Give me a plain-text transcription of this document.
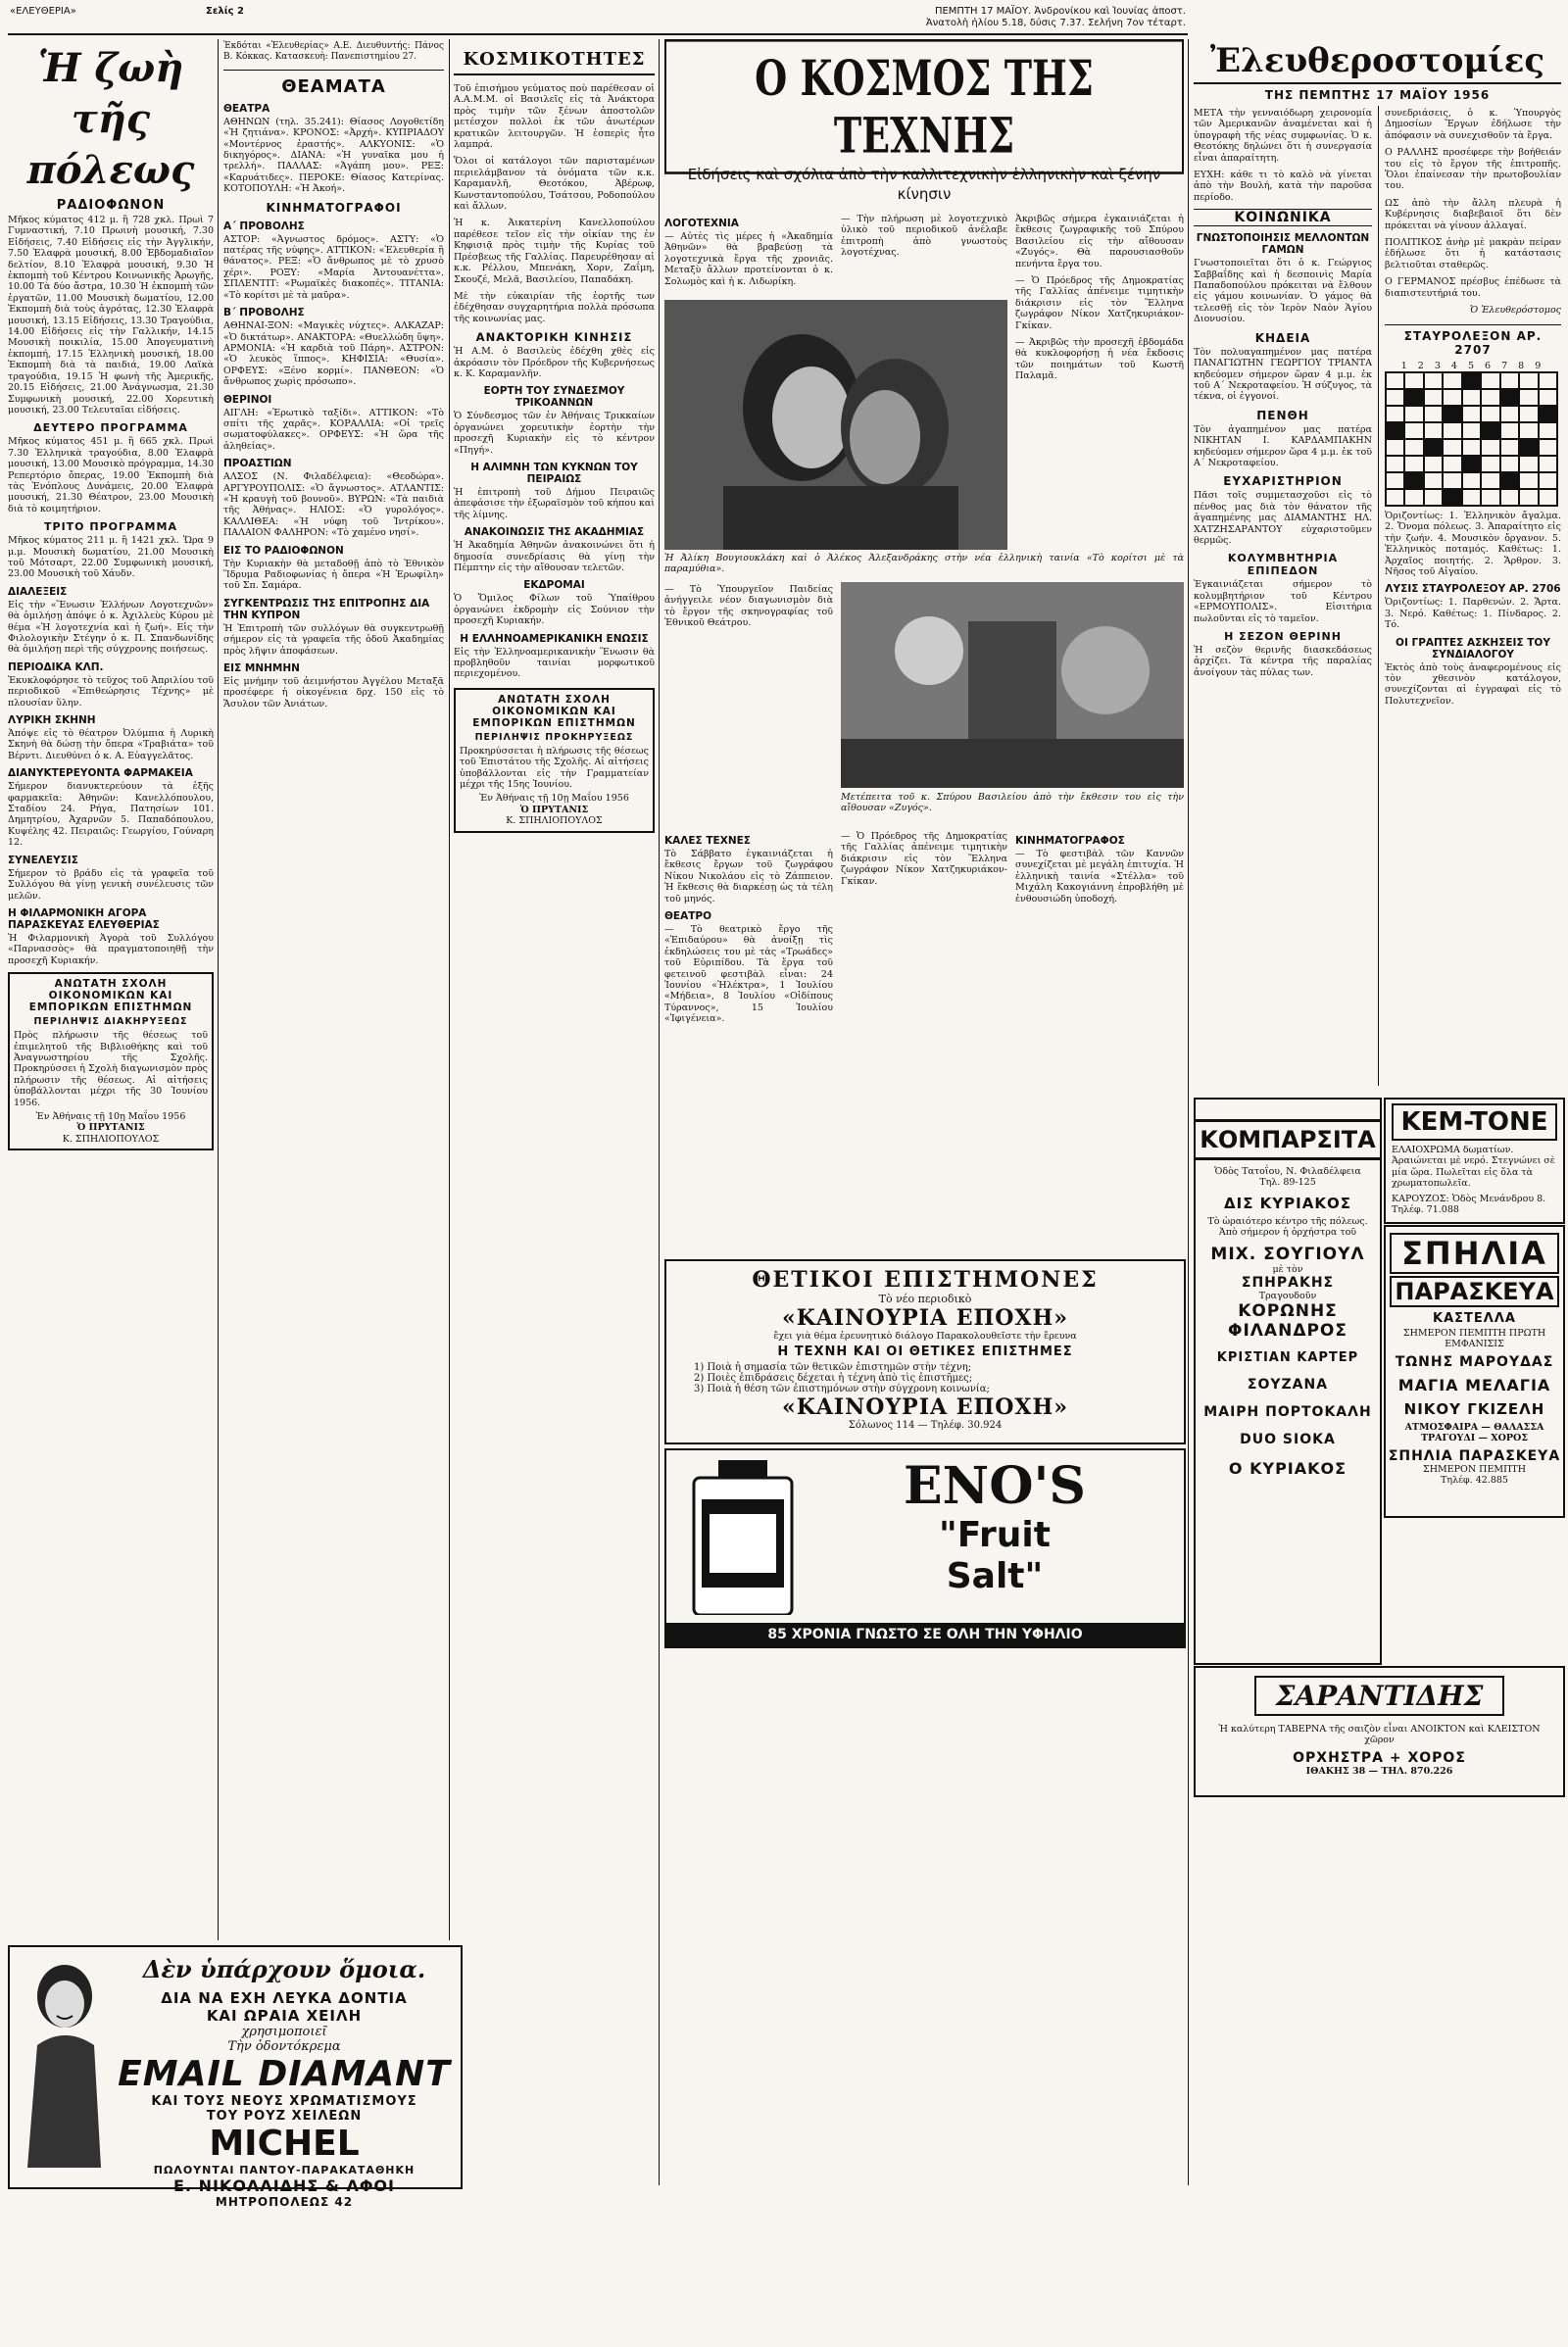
«ΕΛΕΥΘΕΡΙΑ»	Σελίς 2	ΠΕΜΠΤΗ 17 ΜΑΪΟΥ. Ἀνδρονίκου καὶ Ἰουνίας ἀποστ.
Ἀνατολὴ ἡλίου 5.18, δύσις 7.37. Σελήνη 7ον τέταρτ.
Ἡ ζωὴ τῆς πόλεως
ΡΑΔΙΟΦΩΝΟΝ
Μῆκος κύματος 412 μ. ἢ 728 χκλ. Πρωὶ 7 Γυμναστική, 7.10 Πρωινὴ μουσική, 7.30 Εἰδήσεις, 7.40 Εἰδήσεις εἰς τὴν Ἀγγλικήν, 7.50 Ἐλαφρὰ μουσική, 8.00 Ἐβδομαδιαῖον δελτίον, 8.10 Ἐλαφρὰ μουσική, 9.30 Ἡ ἐκπομπὴ τοῦ Κέντρου Κοινωνικῆς Ἀρωγῆς, 10.00 Τὰ δύο ἄστρα, 10.30 Ἡ ἐκπομπὴ τῶν ἐργατῶν, 11.00 Μουσικὴ δωματίου, 12.00 Ἐκπομπὴ διὰ τοὺς ἀγρότας, 12.30 Ἐλαφρὰ μουσική, 13.15 Εἰδήσεις, 13.30 Τραγούδια, 14.00 Εἰδήσεις εἰς τὴν Γαλλικήν, 14.15 Μουσικὴ ποικιλία, 15.00 Ἀπογευματινὴ ἐκπομπή, 17.15 Ἑλληνικὴ μουσική, 18.00 Ἐκπομπὴ διὰ τὰ παιδιά, 19.00 Λαϊκὰ τραγούδια, 19.15 Ἡ φωνὴ τῆς Ἀμερικῆς, 20.15 Εἰδήσεις, 21.00 Ἀνάγνωσμα, 21.30 Συμφωνικὴ μουσική, 22.00 Χορευτικὴ μουσική, 23.00 Τελευταῖαι εἰδήσεις.
ΔΕΥΤΕΡΟ ΠΡΟΓΡΑΜΜΑ
Μῆκος κύματος 451 μ. ἢ 665 χκλ. Πρωὶ 7.30 Ἑλληνικὰ τραγούδια, 8.00 Ἐλαφρὰ μουσική, 13.00 Μουσικὸ πρόγραμμα, 14.30 Ρεπερτόριο ὄπερας, 19.00 Ἐκπομπὴ διὰ τὰς Ἐνόπλους Δυνάμεις, 20.00 Ἐλαφρὰ μουσική, 21.30 Θέατρον, 23.00 Μουσικὴ διὰ τὸ κοιμητήριον.
ΤΡΙΤΟ ΠΡΟΓΡΑΜΜΑ
Μῆκος κύματος 211 μ. ἢ 1421 χκλ. Ὥρα 9 μ.μ. Μουσικὴ δωματίου, 21.00 Μουσικὴ τοῦ Μότσαρτ, 22.00 Συμφωνικὴ μουσική, 23.00 Μουσικὴ τοῦ Χάυδν.
ΔΙΑΛΕΞΕΙΣ
Εἰς τὴν «Ἕνωσιν Ἑλλήνων Λογοτεχνῶν» θὰ ὁμιλήσῃ ἀπόψε ὁ κ. Ἀχιλλεὺς Κύρου μὲ θέμα «Ἡ λογοτεχνία καὶ ἡ ζωή». Εἰς τὴν Φιλολογικὴν Στέγην ὁ κ. Π. Σπανδωνίδης θὰ ὁμιλήσῃ περὶ τῆς σύγχρονης ποιήσεως.
ΠΕΡΙΟΔΙΚΑ ΚΛΠ.
Ἐκυκλοφόρησε τὸ τεῦχος τοῦ Ἀπριλίου τοῦ περιοδικοῦ «Ἐπιθεώρησις Τέχνης» μὲ πλουσίαν ὕλην.
ΛΥΡΙΚΗ ΣΚΗΝΗ
Ἀπόψε εἰς τὸ θέατρον Ὀλύμπια ἡ Λυρικὴ Σκηνὴ θὰ δώσῃ τὴν ὄπερα «Τραβιάτα» τοῦ Βέρντι. Διευθύνει ὁ κ. Α. Εὐαγγελᾶτος.
ΔΙΑΝΥΚΤΕΡΕΥΟΝΤΑ ΦΑΡΜΑΚΕΙΑ
Σήμερον διανυκτερεύουν τὰ ἑξῆς φαρμακεῖα: Ἀθηνῶν: Κανελλόπουλου, Σταδίου 24. Ρήγα, Πατησίων 101. Δημητρίου, Ἀχαρνῶν 5. Παπαδόπουλου, Κυψέλης 42. Πειραιῶς: Γεωργίου, Γούναρη 12.
ΣΥΝΕΛΕΥΣΙΣ
Σήμερον τὸ βράδυ εἰς τὰ γραφεῖα τοῦ Συλλόγου θὰ γίνῃ γενικὴ συνέλευσις τῶν μελῶν.
Η ΦΙΛΑΡΜΟΝΙΚΗ ΑΓΟΡΑ ΠΑΡΑΣΚΕΥΑΣ ΕΛΕΥΘΕΡΙΑΣ
Ἡ Φιλαρμονικὴ Ἀγορὰ τοῦ Συλλόγου «Παρνασσὸς» θὰ πραγματοποιηθῇ τὴν προσεχῆ Κυριακήν.
ΑΝΩΤΑΤΗ ΣΧΟΛΗ ΟΙΚΟΝΟΜΙΚΩΝ ΚΑΙ ΕΜΠΟΡΙΚΩΝ ΕΠΙΣΤΗΜΩΝ
ΠΕΡΙΛΗΨΙΣ ΔΙΑΚΗΡΥΞΕΩΣ
Πρὸς πλήρωσιν τῆς θέσεως τοῦ ἐπιμελητοῦ τῆς Βιβλιοθήκης καὶ τοῦ Ἀναγνωστηρίου τῆς Σχολῆς. Προκηρύσσει ἡ Σχολὴ διαγωνισμὸν πρὸς πλήρωσιν τῆς θέσεως. Αἱ αἰτήσεις ὑποβάλλονται μέχρι τῆς 30 Ἰουνίου 1956.
Ἐν Ἀθήναις τῇ 10ῃ Μαΐου 1956
Ὁ ΠΡΥΤΑΝΙΣ
Κ. ΣΠΗΛΙΟΠΟΥΛΟΣ
Δὲν ὑπάρχουν ὅμοια.
ΔΙΑ ΝΑ ΕΧΗ ΛΕΥΚΑ ΔΟΝΤΙΑ
ΚΑΙ ΩΡΑΙΑ ΧΕΙΛΗ
χρησιμοποιεῖ
Τὴν ὀδοντόκρεμα
EMAIL DIAMANT
ΚΑΙ ΤΟΥΣ ΝΕΟΥΣ ΧΡΩΜΑΤΙΣΜΟΥΣ
ΤΟΥ ΡΟΥΖ ΧΕΙΛΕΩΝ
MICHEL
ΠΩΛΟΥΝΤΑΙ ΠΑΝΤΟΥ-ΠΑΡΑΚΑΤΑΘΗΚΗ
Ε. ΝΙΚΟΛΑΙΔΗΣ & ΑΦΟΙ
ΜΗΤΡΟΠΟΛΕΩΣ 42
Ἐκδόται «Ἐλευθερίας» Α.Ε. Διευθυντής: Πάνος Β. Κόκκας. Κατασκευὴ: Πανεπιστημίου 27.
ΘΕΑΜΑΤΑ
ΘΕΑΤΡΑ
ΑΘΗΝΩΝ (τηλ. 35.241): Θίασος Λογοθετίδη «Ἡ ζητιάνα». ΚΡΟΝΟΣ: «Ἀρχή». ΚΥΠΡΙΑΔΟΥ «Μοντέρνος ἐραστής». ΑΛΚΥΟΝΙΣ: «Ὁ δικηγόρος». ΔΙΑΝΑ: «Ἡ γυναῖκα μου ἡ τρελλή». ΠΑΛΛΑΣ: «Ἀγάπη μου». ΡΕΞ: «Καρυάτιδες». ΠΕΡΟΚΕ: Θίασος Κατερίνας. ΚΟΤΟΠΟΥΛΗ: «Ἡ Ἀκοή».
ΚΙΝΗΜΑΤΟΓΡΑΦΟΙ
Α΄ ΠΡΟΒΟΛΗΣ
ΑΣΤΟΡ: «Ἀγνωστος δρόμος». ΑΣΤΥ: «Ὁ πατέρας τῆς νύφης». ΑΤΤΙΚΟΝ: «Ἐλευθερία ἢ θάνατος». ΡΕΞ: «Ὁ ἄνθρωπος μὲ τὸ χρυσὸ χέρι». ΡΟΞΥ: «Μαρία Ἀντουανέττα». ΣΠΛΕΝΤΙΤ: «Ρωμαϊκὲς διακοπές». ΤΙΤΑΝΙΑ: «Τὸ κορίτσι μὲ τὰ μαῦρα».
Β΄ ΠΡΟΒΟΛΗΣ
ΑΘΗΝΑΙ-ΞΟΝ: «Μαγικὲς νύχτες». ΑΛΚΑΖΑΡ: «Ὁ δικτάτωρ». ΑΝΑΚΤΟΡΑ: «Θυελλώδη ὕψη». ΑΡΜΟΝΙΑ: «Ἡ καρδιὰ τοῦ Πάρη». ΑΣΤΡΟΝ: «Ὁ λευκὸς ἵππος». ΚΗΦΙΣΙΑ: «Θυσία». ΟΡΦΕΥΣ: «Ξένο κορμί». ΠΑΝΘΕΟΝ: «Ὁ ἄνθρωπος χωρὶς πρόσωπο».
ΘΕΡΙΝΟΙ
ΑΙΓΛΗ: «Ἐρωτικὸ ταξίδι». ΑΤΤΙΚΟΝ: «Τὸ σπίτι τῆς χαρᾶς». ΚΟΡΑΛΛΙΑ: «Οἱ τρεῖς σωματοφύλακες». ΟΡΦΕΥΣ: «Ἡ ὥρα τῆς ἀληθείας».
ΠΡΟΑΣΤΙΩΝ
ΑΛΣΟΣ (Ν. Φιλαδέλφεια): «Θεοδώρα». ΑΡΓΥΡΟΥΠΟΛΙΣ: «Ὁ ἄγνωστος». ΑΤΛΑΝΤΙΣ: «Ἡ κραυγὴ τοῦ βουνοῦ». ΒΥΡΩΝ: «Τὰ παιδιὰ τῆς Ἀθήνας». ΗΛΙΟΣ: «Ὁ γυρολόγος». ΚΑΛΛΙΘΕΑ: «Ἡ νύφη τοῦ Ἰντρίκου». ΠΑΛΑΙΟΝ ΦΑΛΗΡΟΝ: «Τὸ χαμένο νησί».
ΕΙΣ ΤΟ ΡΑΔΙΟΦΩΝΟΝ
Τὴν Κυριακὴν θὰ μεταδοθῇ ἀπὸ τὸ Ἐθνικὸν Ἵδρυμα Ραδιοφωνίας ἡ ὄπερα «Ἡ Ἐρωφίλη» τοῦ Σπ. Σαμάρα.
ΣΥΓΚΕΝΤΡΩΣΙΣ ΤΗΣ ΕΠΙΤΡΟΠΗΣ ΔΙΑ ΤΗΝ ΚΥΠΡΟΝ
Ἡ Ἐπιτροπὴ τῶν συλλόγων θὰ συγκεντρωθῇ σήμερον εἰς τὰ γραφεῖα τῆς ὁδοῦ Ἀκαδημίας πρὸς λῆψιν ἀποφάσεων.
ΕΙΣ ΜΝΗΜΗΝ
Εἰς μνήμην τοῦ ἀειμνήστου Ἀγγέλου Μεταξᾶ προσέφερε ἡ οἰκογένεια δρχ. 150 εἰς τὸ Ἄσυλον τῶν Ἀνιάτων.
ΚΟΣΜΙΚΟΤΗΤΕΣ
Τοῦ ἐπισήμου γεύματος ποὺ παρέθεσαν οἱ Α.Α.Μ.Μ. οἱ Βασιλεῖς εἰς τὰ Ἀνάκτορα πρὸς τιμὴν τῶν ξένων ἀποστολῶν μετέσχον πολλοὶ ἐκ τῶν ἀνωτέρων κρατικῶν λειτουργῶν. Ἡ ἑσπερὶς ἦτο λαμπρά.
Ὅλοι οἱ κατάλογοι τῶν παρισταμένων περιελάμβανον τὰ ὀνόματα τῶν κ.κ. Καραμανλῆ, Θεοτόκου, Ἀβέρωφ, Κωνσταντοπούλου, Τσάτσου, Ροδοπούλου καὶ ἄλλων.
Ἡ κ. Ἀικατερίνη Κανελλοπούλου παρέθεσε τεῖον εἰς τὴν οἰκίαν της ἐν Κηφισιᾷ πρὸς τιμὴν τῆς Κυρίας τοῦ Πρέσβεως τῆς Γαλλίας. Παρευρέθησαν αἱ κ.κ. Ρέλλου, Μπενάκη, Χορν, Ζαΐμη, Σκουζέ, Μελᾶ, Βασιλείου, Παπαδάκη.
Μὲ τὴν εὐκαιρίαν τῆς ἑορτῆς των ἐδέχθησαν συγχαρητήρια πολλὰ πρόσωπα τῆς κοινωνίας μας.
ΑΝΑΚΤΟΡΙΚΗ ΚΙΝΗΣΙΣ
Ἡ Α.Μ. ὁ Βασιλεὺς ἐδέχθη χθὲς εἰς ἀκρόασιν τὸν Πρόεδρον τῆς Κυβερνήσεως κ. Κ. Καραμανλῆν.
ΕΟΡΤΗ ΤΟΥ ΣΥΝΔΕΣΜΟΥ ΤΡΙΚΟΑΝΝΩΝ
Ὁ Σύνδεσμος τῶν ἐν Ἀθήναις Τρικκαίων ὀργανώνει χορευτικὴν ἑορτὴν τὴν προσεχῆ Κυριακὴν εἰς τὸ κέντρον «Πηγή».
Η ΑΛΙΜΝΗ ΤΩΝ ΚΥΚΝΩΝ ΤΟΥ ΠΕΙΡΑΙΩΣ
Ἡ ἐπιτροπὴ τοῦ Δήμου Πειραιῶς ἀπεφάσισε τὴν ἐξωραϊσμὸν τοῦ κήπου καὶ τῆς λίμνης.
ΑΝΑΚΟΙΝΩΣΙΣ ΤΗΣ ΑΚΑΔΗΜΙΑΣ
Ἡ Ἀκαδημία Ἀθηνῶν ἀνακοινώνει ὅτι ἡ δημοσία συνεδρίασις θὰ γίνῃ τὴν Πέμπτην εἰς τὴν αἴθουσαν τελετῶν.
ΕΚΔΡΟΜΑΙ
Ὁ Ὅμιλος Φίλων τοῦ Ὑπαίθρου ὀργανώνει ἐκδρομὴν εἰς Σούνιον τὴν προσεχῆ Κυριακήν.
Η ΕΛΛΗΝΟΑΜΕΡΙΚΑΝΙΚΗ ΕΝΩΣΙΣ
Εἰς τὴν Ἑλληνοαμερικανικὴν Ἕνωσιν θὰ προβληθοῦν ταινίαι μορφωτικοῦ περιεχομένου.
ΑΝΩΤΑΤΗ ΣΧΟΛΗ ΟΙΚΟΝΟΜΙΚΩΝ ΚΑΙ ΕΜΠΟΡΙΚΩΝ ΕΠΙΣΤΗΜΩΝ
ΠΕΡΙΛΗΨΙΣ ΠΡΟΚΗΡΥΞΕΩΣ
Προκηρύσσεται ἡ πλήρωσις τῆς θέσεως τοῦ Ἐπιστάτου τῆς Σχολῆς. Αἱ αἰτήσεις ὑποβάλλονται εἰς τὴν Γραμματείαν μέχρι τῆς 15ης Ἰουνίου.
Ἐν Ἀθήναις τῇ 10ῃ Μαΐου 1956
Ὁ ΠΡΥΤΑΝΙΣ
Κ. ΣΠΗΛΙΟΠΟΥΛΟΣ
Ο ΚΟΣΜΟΣ ΤΗΣ ΤΕΧΝΗΣ
Εἰδήσεις καὶ σχόλια ἀπὸ τὴν καλλιτεχνικὴν ἑλληνικὴν καὶ ξένην κίνησιν
ΛΟΓΟΤΕΧΝΙΑ
— Αὐτὲς τὶς μέρες ἡ «Ἀκαδημία Ἀθηνῶν» θὰ βραβεύσῃ τὰ λογοτεχνικὰ ἔργα τῆς χρονιᾶς. Μεταξὺ ἄλλων προτείνονται ὁ κ. Σολωμὸς καὶ ἡ κ. Λιδωρίκη.
— Τὴν πλήρωση μὲ λογοτεχνικὸ ὑλικὸ τοῦ περιοδικοῦ ἀνέλαβε ἐπιτροπὴ ἀπὸ γνωστοὺς λογοτέχνας.
Ἀκριβῶς σήμερα ἐγκαινιάζεται ἡ ἔκθεσις ζωγραφικῆς τοῦ Σπύρου Βασιλείου εἰς τὴν αἴθουσαν «Ζυγός». Θὰ παρουσιασθοῦν πενήντα ἔργα του.
— Ὁ Πρόεδρος τῆς Δημοκρατίας τῆς Γαλλίας ἀπένειμε τιμητικὴν διάκρισιν εἰς τὸν Ἕλληνα ζωγράφον Νίκον Χατζηκυριάκον-Γκίκαν.
— Ἀκριβῶς τὴν προσεχῆ ἑβδομάδα θὰ κυκλοφορήσῃ ἡ νέα ἔκδοσις τῶν ποιημάτων τοῦ Κωστῆ Παλαμᾶ.
Ἡ Ἀλίκη Βουγιουκλάκη καὶ ὁ Ἀλέκος Ἀλεξανδράκης στὴν νέα ἑλληνικὴ ταινία «Τὸ κορίτσι μὲ τὰ παραμύθια».
— Τὸ Ὑπουργεῖον Παιδείας ἀνήγγειλε νέον διαγωνισμὸν διὰ τὸ ἔργον τῆς σκηνογραφίας τοῦ Ἐθνικοῦ Θεάτρου.
Μετέπειτα τοῦ κ. Σπύρου Βασιλείου ἀπὸ τὴν ἔκθεσιν του εἰς τὴν αἴθουσαν «Ζυγός».
ΚΑΛΕΣ ΤΕΧΝΕΣ
Τὸ Σάββατο ἐγκαινιάζεται ἡ ἔκθεσις ἔργων τοῦ ζωγράφου Νίκου Νικολάου εἰς τὸ Ζάππειον. Ἡ ἔκθεσις θὰ διαρκέσῃ ὡς τὰ τέλη τοῦ μηνός.
ΘΕΑΤΡΟ
— Τὸ θεατρικὸ ἔργο τῆς «Ἐπιδαύρου» θὰ ἀνοίξῃ τὶς ἐκδηλώσεις του μὲ τὰς «Τρωάδες» τοῦ Εὐριπίδου. Τὰ ἔργα τοῦ φετεινοῦ φεστιβὰλ εἶναι: 24 Ἰουνίου «Ἠλέκτρα», 1 Ἰουλίου «Μήδεια», 8 Ἰουλίου «Οἰδίπους Τύραννος», 15 Ἰουλίου «Ἰφιγένεια».
— Ὁ Πρόεδρος τῆς Δημοκρατίας τῆς Γαλλίας ἀπένειμε τιμητικὴν διάκρισιν εἰς τὸν Ἕλληνα ζωγράφον Νίκον Χατζηκυριάκον-Γκίκαν.
ΚΙΝΗΜΑΤΟΓΡΑΦΟΣ
— Τὸ φεστιβὰλ τῶν Καννῶν συνεχίζεται μὲ μεγάλη ἐπιτυχία. Ἡ ἑλληνικὴ ταινία «Στέλλα» τοῦ Μιχάλη Κακογιάννη ἐπροβλήθη μὲ ἐνθουσιώδη ὑποδοχή.
ΘΕΤΙΚΟΙ ΕΠΙΣΤΗΜΟΝΕΣ
Τὸ νέο περιοδικὸ
«ΚΑΙΝΟΥΡΙΑ ΕΠΟΧΗ»
ἔχει γιὰ θέμα ἐρευνητικὸ διάλογο Παρακολουθεῖστε τὴν ἔρευνα
Η ΤΕΧΝΗ ΚΑΙ ΟΙ ΘΕΤΙΚΕΣ ΕΠΙΣΤΗΜΕΣ
1) Ποιὰ ἡ σημασία τῶν θετικῶν ἐπιστημῶν στὴν τέχνη;
2) Ποιὲς ἐπιδράσεις δέχεται ἡ τέχνη ἀπὸ τὶς ἐπιστῆμες;
3) Ποιὰ ἡ θέση τῶν ἐπιστημόνων στὴν σύγχρονη κοινωνία;
«ΚΑΙΝΟΥΡΙΑ ΕΠΟΧΗ»
Σόλωνος 114 — Τηλέφ. 30.924
ENO'S
"Fruit
Salt"
85 ΧΡΟΝΙΑ ΓΝΩΣΤΟ ΣΕ ΟΛΗ ΤΗΝ ΥΦΗΛΙΟ
Ἐλευθεροστομίες
ΤΗΣ ΠΕΜΠΤΗΣ 17 ΜΑΪΟΥ 1956
ΜΕΤΑ τὴν γενναιόδωρη χειρονομία τῶν Ἀμερικανῶν ἀναμένεται καὶ ἡ ὑπογραφὴ τῆς νέας συμφωνίας. Ὁ κ. Θεοτόκης δηλώνει ὅτι ἡ συνεργασία εἶναι ἀπαραίτητη.
ΕΥΧΗ: κάθε τι τὸ καλὸ νὰ γίνεται ἀπὸ τὴν Βουλή, κατὰ τὴν παροῦσα περίοδο.
ΚΟΙΝΩΝΙΚΑ
ΓΝΩΣΤΟΠΟΙΗΣΙΣ ΜΕΛΛΟΝΤΩΝ ΓΑΜΩΝ
Γνωστοποιεῖται ὅτι ὁ κ. Γεώργιος Σαββαΐδης καὶ ἡ δεσποινὶς Μαρία Παπαδοπούλου πρόκειται νὰ ἔλθουν εἰς γάμου κοινωνίαν. Ὁ γάμος θὰ τελεσθῇ εἰς τὸν Ἱερὸν Ναὸν Ἁγίου Διονυσίου.
ΚΗΔΕΙΑ
Τὸν πολυαγαπημένον μας πατέρα ΠΑΝΑΓΙΩΤΗΝ ΓΕΩΡΓΙΟΥ ΤΡΙΑΝΤΑ κηδεύομεν σήμερον ὥραν 4 μ.μ. ἐκ τοῦ Α΄ Νεκροταφείου. Ἡ σύζυγος, τὰ τέκνα, οἱ ἐγγονοί.
ΠΕΝΘΗ
Τὸν ἀγαπημένον μας πατέρα ΝΙΚΗΤΑΝ Ι. ΚΑΡΔΑΜΠΑΚΗΝ κηδεύομεν σήμερον ὥρα 4 μ.μ. ἐκ τοῦ Α΄ Νεκροταφείου.
ΕΥΧΑΡΙΣΤΗΡΙΟΝ
Πᾶσι τοῖς συμμετασχοῦσι εἰς τὸ πένθος μας διὰ τὸν θάνατον τῆς ἀγαπημένης μας ΔΙΑΜΑΝΤΗΣ ΗΛ. ΧΑΤΖΗΣΑΡΑΝΤΟΥ εὐχαριστοῦμεν θερμῶς.
ΚΟΛΥΜΒΗΤΗΡΙΑ ΕΠΙΠΕΔΟΝ
Ἐγκαινιάζεται σήμερον τὸ κολυμβητήριον τοῦ Κέντρου «ΕΡΜΟΥΠΟΛΙΣ». Εἰσιτήρια πωλοῦνται εἰς τὸ ταμεῖον.
Η ΣΕΖΟΝ ΘΕΡΙΝΗ
Ἡ σεζὸν θερινῆς διασκεδάσεως ἀρχίζει. Τὰ κέντρα τῆς παραλίας ἀνοίγουν τὰς πύλας των.
συνεδριάσεις, ὁ κ. Ὑπουργὸς Δημοσίων Ἔργων ἐδήλωσε τὴν ἀπόφασιν νὰ συνεχισθοῦν τὰ ἔργα.
Ο ΡΑΛΛΗΣ προσέφερε τὴν βοήθειάν του εἰς τὸ ἔργον τῆς ἐπιτροπῆς. Ὅλοι ἐπαίνεσαν τὴν πρωτοβουλίαν του.
ΩΣ ἀπὸ τὴν ἄλλη πλευρὰ ἡ Κυβέρνησις διαβεβαιοῖ ὅτι δὲν πρόκειται νὰ γίνουν ἀλλαγαί.
ΠΟΛΙΤΙΚΟΣ ἀνὴρ μὲ μακρὰν πείραν ἐδήλωσε ὅτι ἡ κατάστασις βελτιοῦται σταθερῶς.
Ο ΓΕΡΜΑΝΟΣ πρέσβυς ἐπέδωσε τὰ διαπιστευτήριά του.
Ὁ Ἐλευθερόστομος
ΣΤΑΥΡΟΛΕΞΟΝ ΑΡ. 2707
1 2 3 4 5 6 7 8 9
Ὁριζοντίως: 1. Ἑλληνικὸν ἄγαλμα. 2. Ὄνομα πόλεως. 3. Ἀπαραίτητο εἰς τὴν ζωήν. 4. Μουσικὸν ὄργανον. 5. Ἑλληνικὸς ποταμός. Καθέτως: 1. Ἀρχαῖος ποιητής. 2. Ἄρθρον. 3. Νῆσος τοῦ Αἰγαίου.
ΛΥΣΙΣ ΣΤΑΥΡΟΛΕΞΟΥ ΑΡ. 2706
Ὁριζοντίως: 1. Παρθενών. 2. Ἄρτα. 3. Νερό. Καθέτως: 1. Πίνδαρος. 2. Τό.
ΟΙ ΓΡΑΠΤΕΣ ΑΣΚΗΣΕΙΣ ΤΟΥ ΣΥΝΔΙΑΛΟΓΟΥ
Ἐκτὸς ἀπὸ τοὺς ἀναφερομένους εἰς τὸν χθεσινὸν κατάλογον, συνεχίζονται αἱ ἐγγραφαὶ εἰς τὸ Πολυτεχνεῖον.
ΚΟΜΠΑΡΣΙΤΑ
Ὁδὸς Τατοΐου, Ν. Φιλαδέλφεια Τηλ. 89-125
ΔΙΣ ΚΥΡΙΑΚΟΣ
Τὸ ὡραιότερο κέντρο τῆς πόλεως. Ἀπὸ σήμερον ἡ ὀρχήστρα τοῦ
ΜΙΧ. ΣΟΥΓΙΟΥΛ
μὲ τὸν
ΣΠΗΡΑΚΗΣ
Τραγουδοῦν
ΚΟΡΩΝΗΣ
ΦΙΛΑΝΔΡΟΣ
ΚΡΙΣΤΙΑΝ ΚΑΡΤΕΡ
ΣΟΥΖΑΝΑ
ΜΑΙΡΗ ΠΟΡΤΟΚΑΛΗ
DUO SIOKA
Ο ΚΥΡΙΑΚΟΣ
KEM-TONE
ΕΛΑΙΟΧΡΩΜΑ δωματίων. Ἀραιώνεται μὲ νερό. Στεγνώνει σὲ μία ὥρα. Πωλεῖται εἰς ὅλα τὰ χρωματοπωλεῖα.
ΚΑΡΟΥΖΟΣ: Ὁδὸς Μενάνδρου 8. Τηλέφ. 71.088
ΣΠΗΛΙΑ
ΠΑΡΑΣΚΕΥΑ
ΚΑΣΤΕΛΛΑ
ΣΗΜΕΡΟΝ ΠΕΜΠΤΗ ΠΡΩΤΗ ΕΜΦΑΝΙΣΙΣ
ΤΩΝΗΣ ΜΑΡΟΥΔΑΣ
ΜΑΓΙΑ ΜΕΛΑΓΙΑ
ΝΙΚΟΥ ΓΚΙΖΕΛΗ
ΑΤΜΟΣΦΑΙΡΑ — ΘΑΛΑΣΣΑ ΤΡΑΓΟΥΔΙ — ΧΟΡΟΣ
ΣΠΗΛΙΑ ΠΑΡΑΣΚΕΥΑ
ΣΗΜΕΡΟΝ ΠΕΜΠΤΗ
Τηλέφ. 42.885
ΣΑΡΑΝΤΙΔΗΣ
Ἡ καλύτερη ΤΑΒΕΡΝΑ τῆς σαιζὸν εἶναι ΑΝΟΙΚΤΟΝ καὶ ΚΛΕΙΣΤΟΝ χῶρον
ΟΡΧΗΣΤΡΑ + ΧΟΡΟΣ
ΙΘΑΚΗΣ 38 — ΤΗΛ. 870.226
